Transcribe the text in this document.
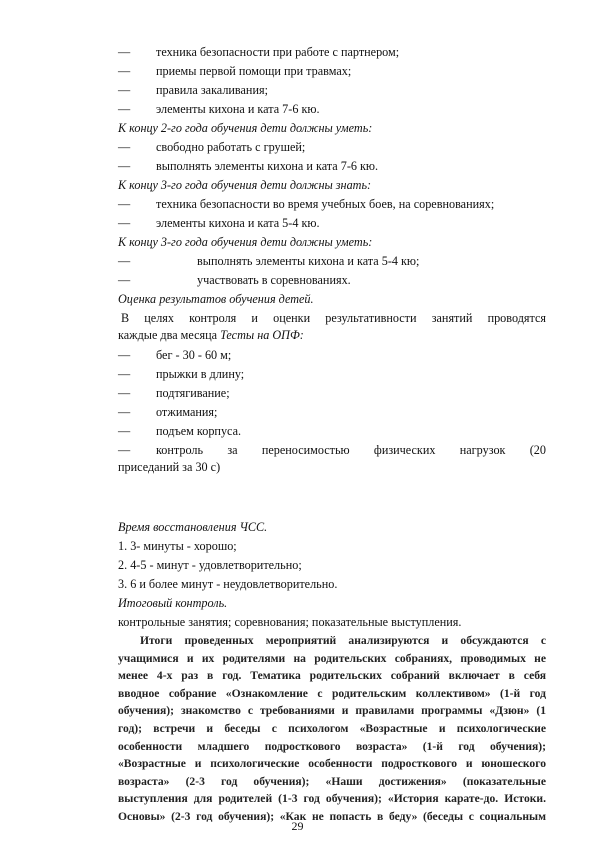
— техника безопасности при работе с партнером;
— приемы первой помощи при травмах;
— правила закаливания;
— элементы кихона и ката 7-6 кю.

К концу 2-го года обучения дети должны уметь:

— свободно работать с грушей;
— выполнять элементы кихона и ката 7-6 кю.

К концу 3-го года обучения дети должны знать:

— техника безопасности во время учебных боев, на соревнованиях;
— элементы кихона и ката 5-4 кю.

К концу 3-го года обучения дети должны уметь:

—	выполнять элементы кихона и ката 5-4 кю;
—	участвовать в соревнованиях.

Оценка результатов обучения детей.

В целях контроля и оценки результативности занятий проводятся

каждые два месяца Тесты на ОПФ:

— бег - 30 - 60 м;
— прыжки в длину;
— подтягивание;
— отжимания;
— подъем корпуса.
— контроль за переносимостью физических нагрузок (20

приседаний за 30 с)

Время восстановления ЧСС.

1. 3- минуты - хорошо;

2. 4-5 - минут - удовлетворительно;

3. 6 и более минут - неудовлетворительно.

Итоговый контроль.

контрольные занятия; соревнования; показательные выступления.

Итоги проведенных мероприятий анализируются и обсуждаются с
учащимися и их родителями на родительских собраниях, проводимых не
менее 4-х раз в год. Тематика родительских собраний включает в себя
вводное собрание «Ознакомление с родительским коллективом» (1-й год
обучения); знакомство с требованиями и правилами программы «Дзюн» (1
год); встречи и беседы с психологом «Возрастные и психологические
особенности младшего подросткового возраста» (1-й год обучения);
«Возрастные и психологические особенности подросткового и юношеского
возраста» (2-3 год обучения); «Наши достижения» (показательные
выступления для родителей (1-3 год обучения); «История карате-до. Истоки.
Основы» (2-3 год обучения); «Как не попасть в беду» (беседы с социальным
29
